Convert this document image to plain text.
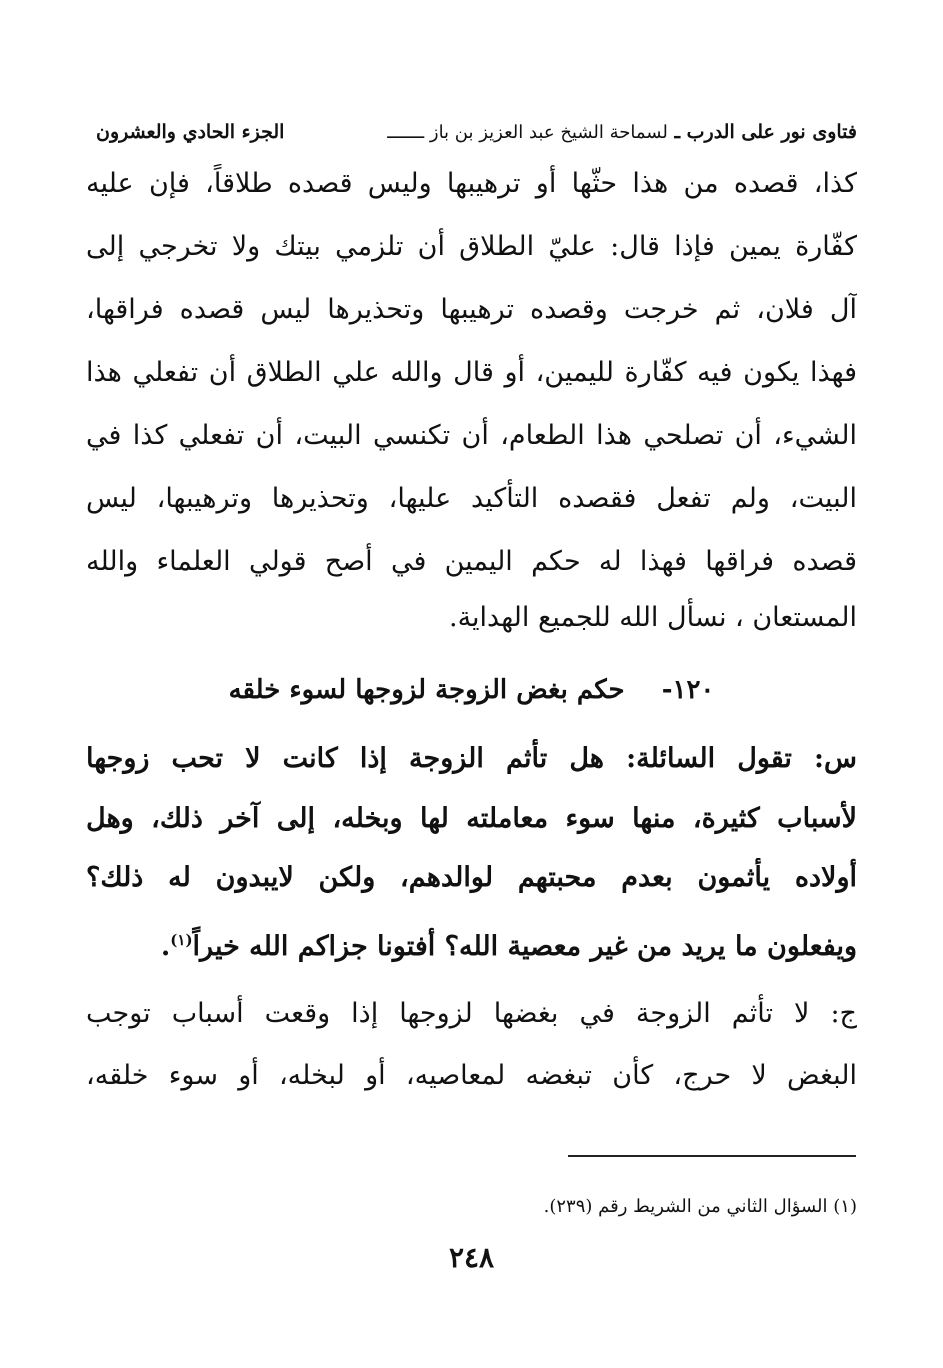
فتاوى نور على الدرب ـ لسماحة الشيخ عبد العزيز بن باز ـــــــ
الجزء الحادي والعشرون
كذا، قصده من هذا حثّها أو ترهيبها وليس قصده طلاقاً، فإن عليه
كفّارة يمين فإذا قال: عليّ الطلاق أن تلزمي بيتك ولا تخرجي إلى
آل فلان، ثم خرجت وقصده ترهيبها وتحذيرها ليس قصده فراقها،
فهذا يكون فيه كفّارة لليمين، أو قال والله علي الطلاق أن تفعلي هذا
الشيء، أن تصلحي هذا الطعام، أن تكنسي البيت، أن تفعلي كذا في
البيت، ولم تفعل فقصده التأكيد عليها، وتحذيرها وترهيبها، ليس
قصده فراقها فهذا له حكم اليمين في أصح قولي العلماء والله
المستعان ، نسأل الله للجميع الهداية.
١٢٠- حكم بغض الزوجة لزوجها لسوء خلقه
س: تقول السائلة: هل تأثم الزوجة إذا كانت لا تحب زوجها
لأسباب كثيرة، منها سوء معاملته لها وبخله، إلى آخر ذلك، وهل
أولاده يأثمون بعدم محبتهم لوالدهم، ولكن لايبدون له ذلك؟
ويفعلون ما يريد من غير معصية الله؟ أفتونا جزاكم الله خيراً$^{(١)}$.
ج: لا تأثم الزوجة في بغضها لزوجها إذا وقعت أسباب توجب
البغض لا حرج، كأن تبغضه لمعاصيه، أو لبخله، أو سوء خلقه،
(١) السؤال الثاني من الشريط رقم (٢٣٩).
٢٤٨
